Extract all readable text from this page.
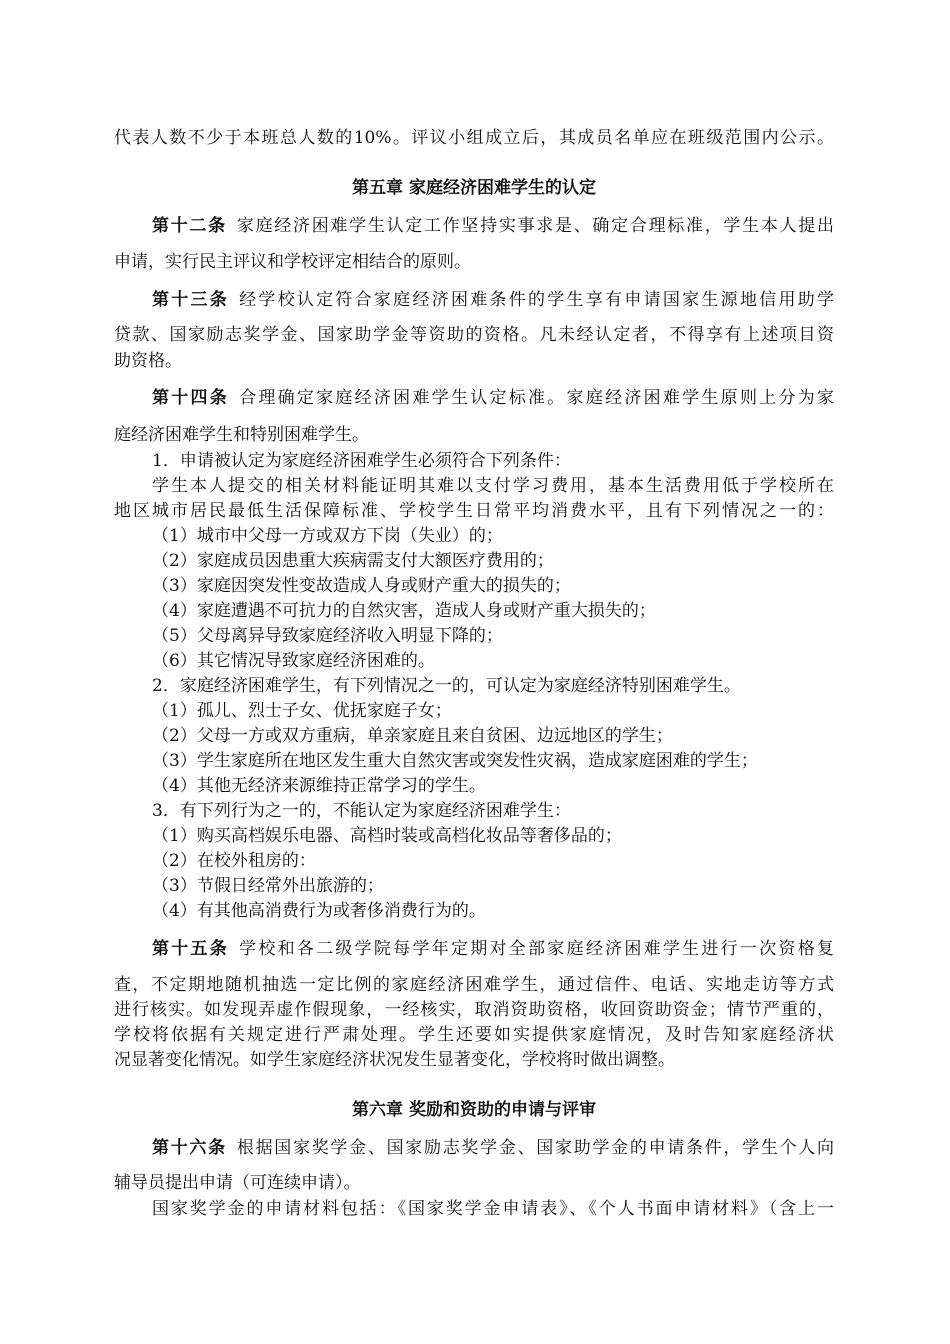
代表人数不少于本班总人数的10%。评议小组成立后，其成员名单应在班级范围内公示。
第五章 家庭经济困难学生的认定
第十二条 家庭经济困难学生认定工作坚持实事求是、确定合理标准，学生本人提出
申请，实行民主评议和学校评定相结合的原则。
第十三条 经学校认定符合家庭经济困难条件的学生享有申请国家生源地信用助学
贷款、国家励志奖学金、国家助学金等资助的资格。凡未经认定者，不得享有上述项目资
助资格。
第十四条 合理确定家庭经济困难学生认定标准。家庭经济困难学生原则上分为家
庭经济困难学生和特别困难学生。
1．申请被认定为家庭经济困难学生必须符合下列条件：
学生本人提交的相关材料能证明其难以支付学习费用，基本生活费用低于学校所在
地区城市居民最低生活保障标准、学校学生日常平均消费水平，且有下列情况之一的：
（1）城市中父母一方或双方下岗（失业）的；
（2）家庭成员因患重大疾病需支付大额医疗费用的；
（3）家庭因突发性变故造成人身或财产重大的损失的；
（4）家庭遭遇不可抗力的自然灾害，造成人身或财产重大损失的；
（5）父母离异导致家庭经济收入明显下降的；
（6）其它情况导致家庭经济困难的。
2．家庭经济困难学生，有下列情况之一的，可认定为家庭经济特别困难学生。
（1）孤儿、烈士子女、优抚家庭子女；
（2）父母一方或双方重病，单亲家庭且来自贫困、边远地区的学生；
（3）学生家庭所在地区发生重大自然灾害或突发性灾祸，造成家庭困难的学生；
（4）其他无经济来源维持正常学习的学生。
3．有下列行为之一的，不能认定为家庭经济困难学生：
（1）购买高档娱乐电器、高档时装或高档化妆品等奢侈品的；
（2）在校外租房的：
（3）节假日经常外出旅游的；
（4）有其他高消费行为或奢侈消费行为的。
第十五条 学校和各二级学院每学年定期对全部家庭经济困难学生进行一次资格复
查，不定期地随机抽选一定比例的家庭经济困难学生，通过信件、电话、实地走访等方式
进行核实。如发现弄虚作假现象，一经核实，取消资助资格，收回资助资金；情节严重的，
学校将依据有关规定进行严肃处理。学生还要如实提供家庭情况，及时告知家庭经济状
况显著变化情况。如学生家庭经济状况发生显著变化，学校将时做出调整。
第六章 奖励和资助的申请与评审
第十六条 根据国家奖学金、国家励志奖学金、国家助学金的申请条件，学生个人向
辅导员提出申请（可连续申请）。
国家奖学金的申请材料包括：《国家奖学金申请表》、《个人书面申请材料》（含上一
